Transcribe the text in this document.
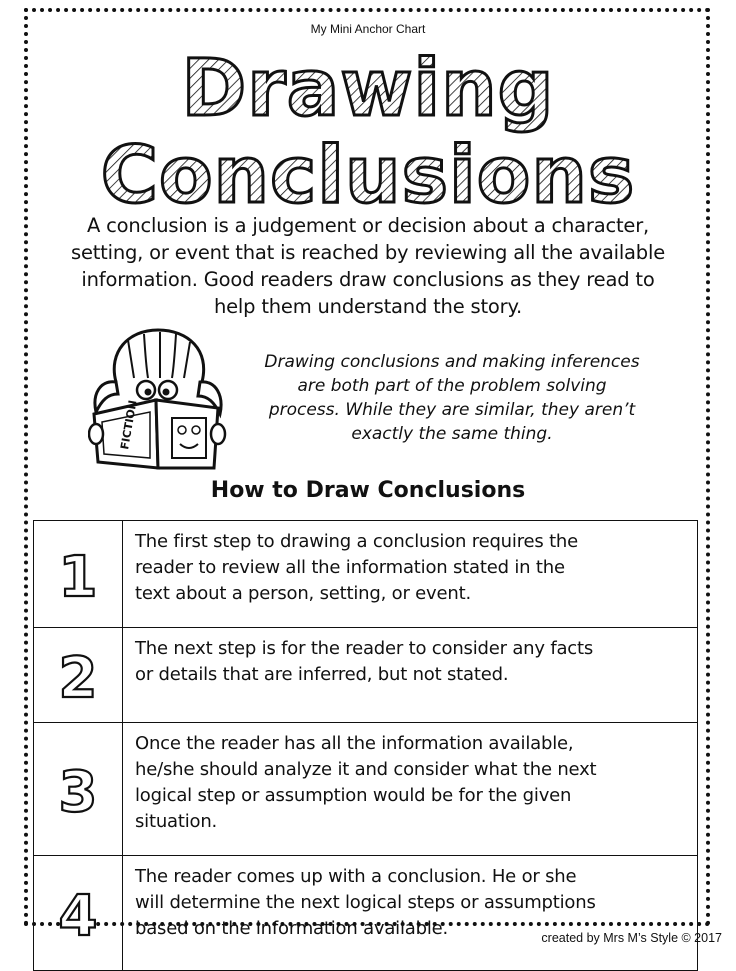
My Mini Anchor Chart
Drawing
Conclusions
A conclusion is a judgement or decision about a character,
setting, or event that is reached by reviewing all the available
information. Good readers draw conclusions as they read to
help them understand the story.
FICTION
Drawing conclusions and making inferences
are both part of the problem solving
process. While they are similar, they aren’t
exactly the same thing.
How to Draw Conclusions
1	The first step to drawing a conclusion requires the
reader to review all the information stated in the
text about a person, setting, or event.

2	The next step is for the reader to consider any facts
or details that are inferred, but not stated.

3	Once the reader has all the information available,
he/she should analyze it and consider what the next
logical step or assumption would be for the given
situation.

4	The reader comes up with a conclusion. He or she
will determine the next logical steps or assumptions
based on the information available.	created by Mrs M’s Style © 2017
